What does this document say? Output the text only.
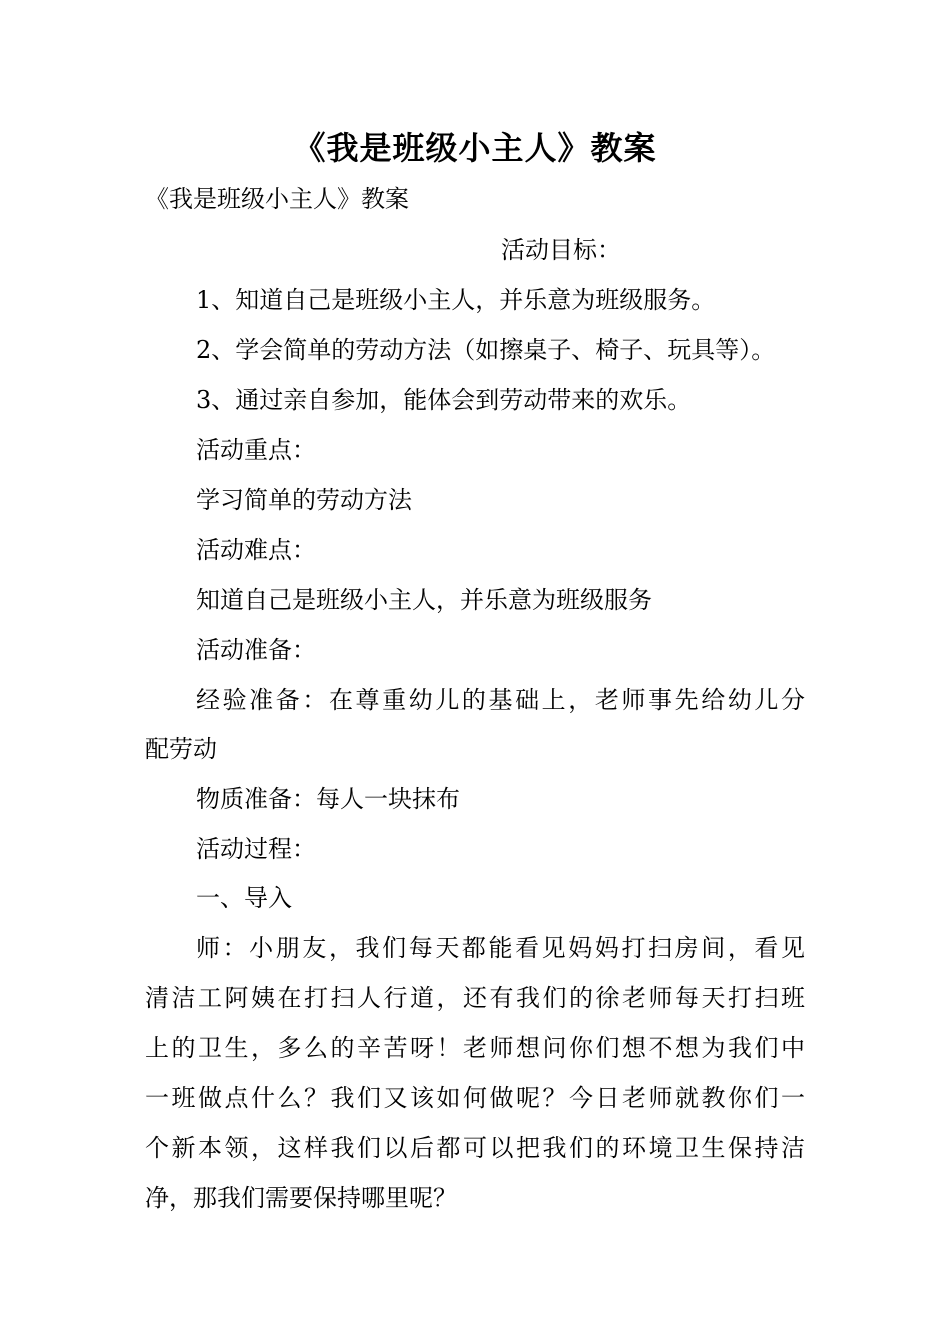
《我是班级小主人》教案
《我是班级小主人》教案
活动目标：
1、知道自己是班级小主人，并乐意为班级服务。
2、学会简单的劳动方法（如擦桌子、椅子、玩具等）。
3、通过亲自参加，能体会到劳动带来的欢乐。
活动重点：
学习简单的劳动方法
活动难点：
知道自己是班级小主人，并乐意为班级服务
活动准备：
经验准备：在尊重幼儿的基础上，老师事先给幼儿分
配劳动
物质准备：每人一块抹布
活动过程：
一、导入
师：小朋友，我们每天都能看见妈妈打扫房间，看见
清洁工阿姨在打扫人行道，还有我们的徐老师每天打扫班
上的卫生，多么的辛苦呀！老师想问你们想不想为我们中
一班做点什么？我们又该如何做呢？今日老师就教你们一
个新本领，这样我们以后都可以把我们的环境卫生保持洁
净，那我们需要保持哪里呢？
